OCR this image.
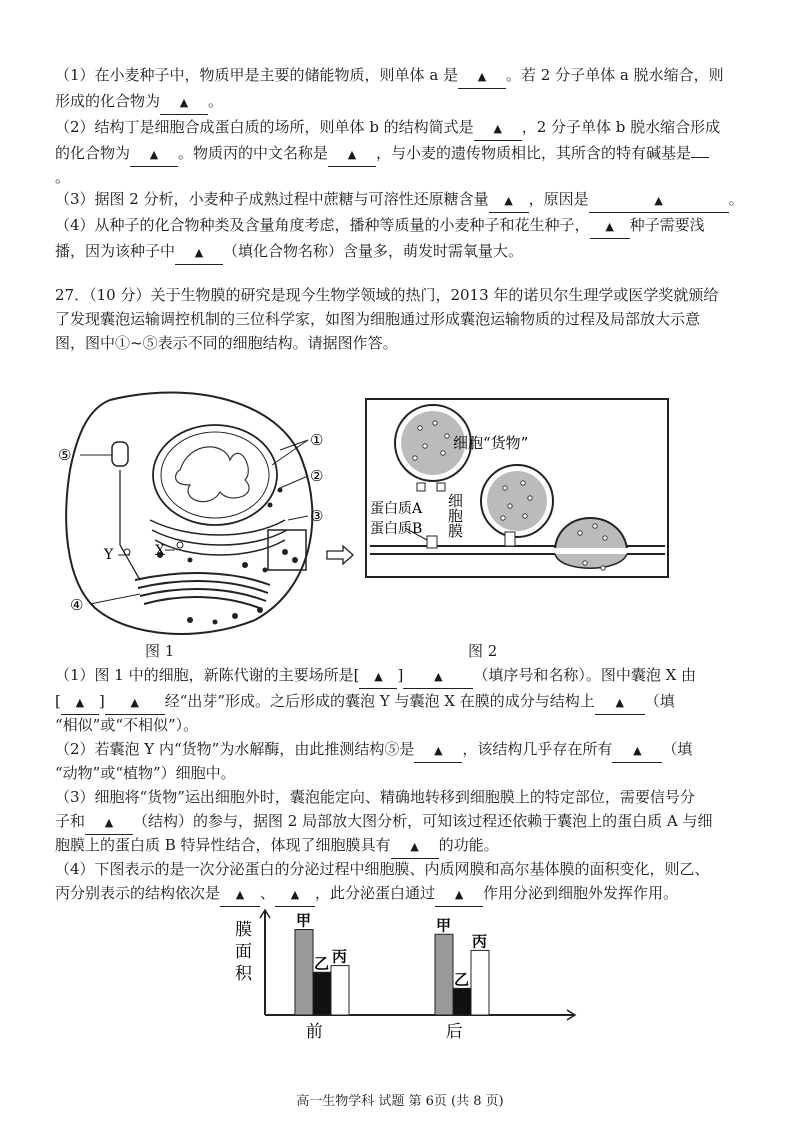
（1）在小麦种子中，物质甲是主要的储能物质，则单体 a 是 ▲ 。若 2 分子单体 a 脱水缩合，则
形成的化合物为 ▲ 。
（2）结构丁是细胞合成蛋白质的场所，则单体 b 的结构简式是 ▲ ，2 分子单体 b 脱水缩合形成
的化合物为 ▲ 。物质丙的中文名称是 ▲ ，与小麦的遗传物质相比，其所含的特有碱基是
。
（3）据图 2 分析，小麦种子成熟过程中蔗糖与可溶性还原糖含量 ▲ ，原因是	▲	。
（4）从种子的化合物种类及含量角度考虑，播种等质量的小麦种子和花生种子， ▲ 种子需要浅
播，因为该种子中 ▲ （填化合物名称）含量多，萌发时需氧量大。
27．（10 分）关于生物膜的研究是现今生物学领域的热门，2013 年的诺贝尔生理学或医学奖就颁给
了发现囊泡运输调控机制的三位科学家，如图为细胞通过形成囊泡运输物质的过程及局部放大示意
图，图中①~⑤表示不同的细胞结构。请据图作答。
①
②
③
④
⑤
X
Y
细胞“货物”
蛋白质A
蛋白质B 细胞膜
图 1	图 2
（1）图 1 中的细胞，新陈代谢的主要场所是[ ▲ ]	▲ （填序号和名称）。图中囊泡 X 由
[ ▲ ] ▲ 经“出芽”形成。之后形成的囊泡 Y 与囊泡 X 在膜的成分与结构上 ▲ （填
“相似”或“不相似”）。
（2）若囊泡 Y 内“货物”为水解酶，由此推测结构⑤是 ▲ ，该结构几乎存在所有 ▲ （填
“动物”或“植物”）细胞中。
（3）细胞将“货物”运出细胞外时，囊泡能定向、精确地转移到细胞膜上的特定部位，需要信号分
子和 ▲ （结构）的参与，据图 2 局部放大图分析，可知该过程还依赖于囊泡上的蛋白质 A 与细
胞膜上的蛋白质 B 特异性结合，体现了细胞膜具有 ▲ 的功能。
（4）下图表示的是一次分泌蛋白的分泌过程中细胞膜、内质网膜和高尔基体膜的面积变化，则乙、
丙分别表示的结构依次是 ▲ 、 ▲ ，此分泌蛋白通过 ▲ 作用分泌到细胞外发挥作用。
膜
面
积
甲
乙 丙
前
甲
乙
丙
后
高一生物学科 试题 第 6页 (共 8 页)
